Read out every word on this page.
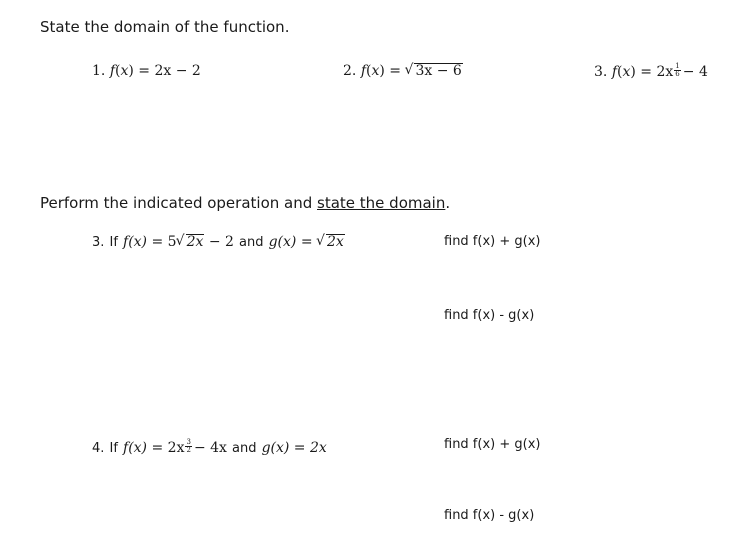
State the domain of the function.
1. f(x) = 2x − 2	2. f(x) = √ 3x − 6	3. $f(x) = 2x \frac{1}{6} - 4$
Perform the indicated operation and state the domain.
3. If f(x) = 5 √ 2x − 2 and g(x) = √ 2x	find f(x) + g(x)
find f(x) - g(x)
4. If $f(x) = 2x \frac{3}{2} - 4x$ and g(x) = 2x	find f(x) + g(x)
find f(x) - g(x)
